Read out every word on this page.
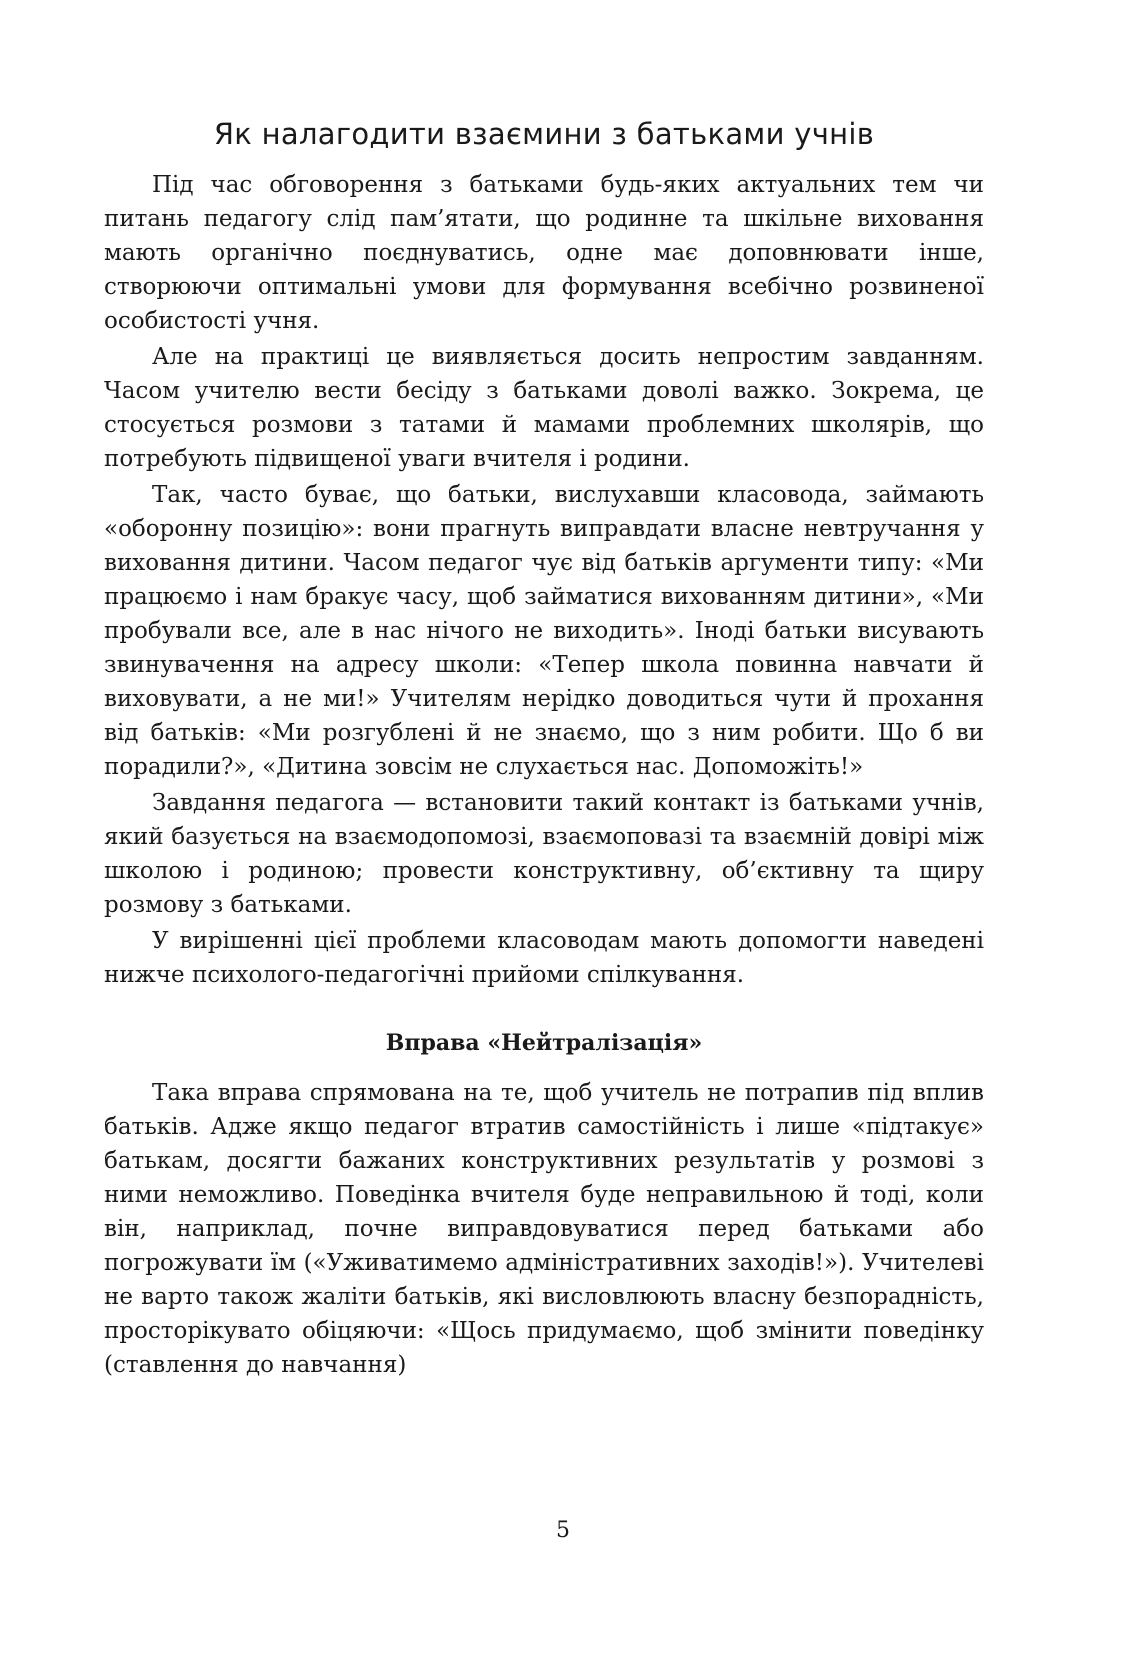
Як налагодити взаємини з батьками учнів

Під час обговорення з батьками будь-яких актуальних тем чи питань педагогу слід пам’ятати, що родинне та шкільне виховання мають органічно поєднуватись, одне має доповнювати інше, створюючи оптимальні умови для формування всебічно розвиненої особистості учня.

Але на практиці це виявляється досить непростим завданням. Часом учителю вести бесіду з батьками доволі важко. Зокрема, це стосується розмови з татами й мамами проблемних школярів, що потребують підвищеної уваги вчителя і родини.

Так, часто буває, що батьки, вислухавши класовода, займають «оборонну позицію»: вони прагнуть виправдати власне невтручання у виховання дитини. Часом педагог чує від батьків аргументи типу: «Ми працюємо і нам бракує часу, щоб займатися вихованням дитини», «Ми пробували все, але в нас нічого не виходить». Іноді батьки висувають звинувачення на адресу школи: «Тепер школа повинна навчати й виховувати, а не ми!» Учителям нерідко доводиться чути й прохання від батьків: «Ми розгублені й не знаємо, що з ним робити. Що б ви порадили?», «Дитина зовсім не слухається нас. Допоможіть!»

Завдання педагога — встановити такий контакт із батьками учнів, який базується на взаємодопомозі, взаємоповазі та взаємній довірі між школою і родиною; провести конструктивну, об’єктивну та щиру розмову з батьками.

У вирішенні цієї проблеми класоводам мають допомогти наведені нижче психолого-педагогічні прийоми спілкування.

Вправа «Нейтралізація»

Така вправа спрямована на те, щоб учитель не потрапив під вплив батьків. Адже якщо педагог втратив самостійність і лише «підтакує» батькам, досягти бажаних конструктивних результатів у розмові з ними неможливо. Поведінка вчителя буде неправильною й тоді, коли він, наприклад, почне виправдовуватися перед батьками або погрожувати їм («Уживатимемо адміністративних заходів!»). Учителеві не варто також жаліти батьків, які висловлюють власну безпорадність, просторікувато обіцяючи: «Щось придумаємо, щоб змінити поведінку (ставлення до навчання)

5
